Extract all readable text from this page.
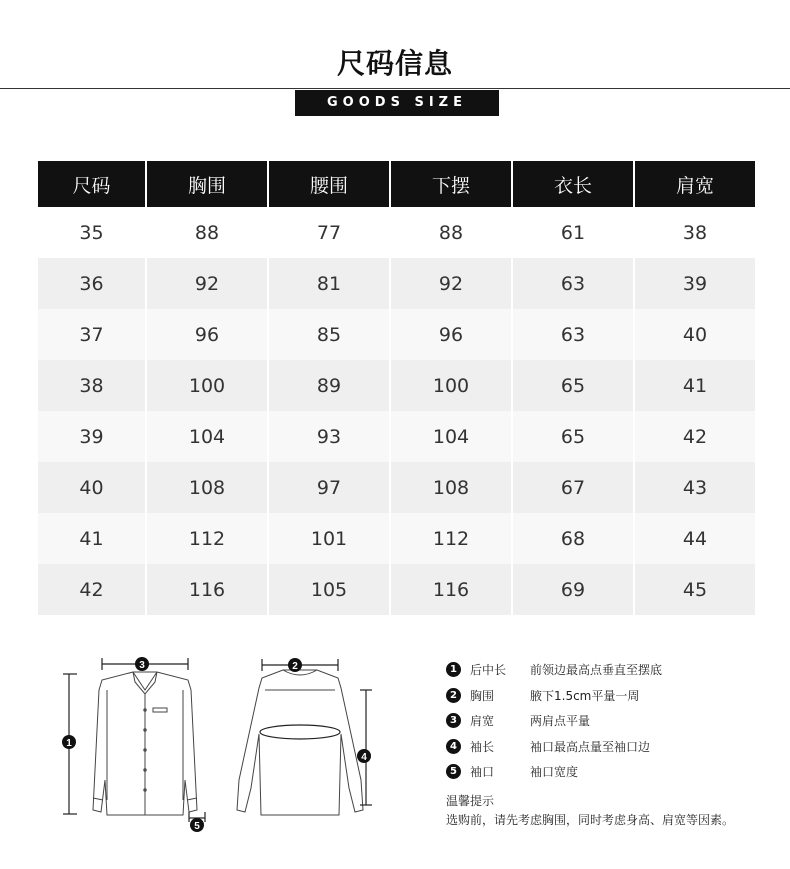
尺码信息
GOODS SIZE
尺码	胸围	腰围	下摆	衣长	肩宽
35	88	77	88	61	38
36	92	81	92	63	39
37	96	85	96	63	40
38	100	89	100	65	41
39	104	93	104	65	42
40	108	97	108	67	43
41	112	101	112	68	44
42	116	105	116	69	45
3
1
5
2
4
1	后中长	前领边最高点垂直至摆底
2	胸围	腋下1.5cm平量一周
3	肩宽	两肩点平量
4	袖长	袖口最高点量至袖口边
5	袖口	袖口宽度
温馨提示
选购前，请先考虑胸围，同时考虑身高、肩宽等因素。
